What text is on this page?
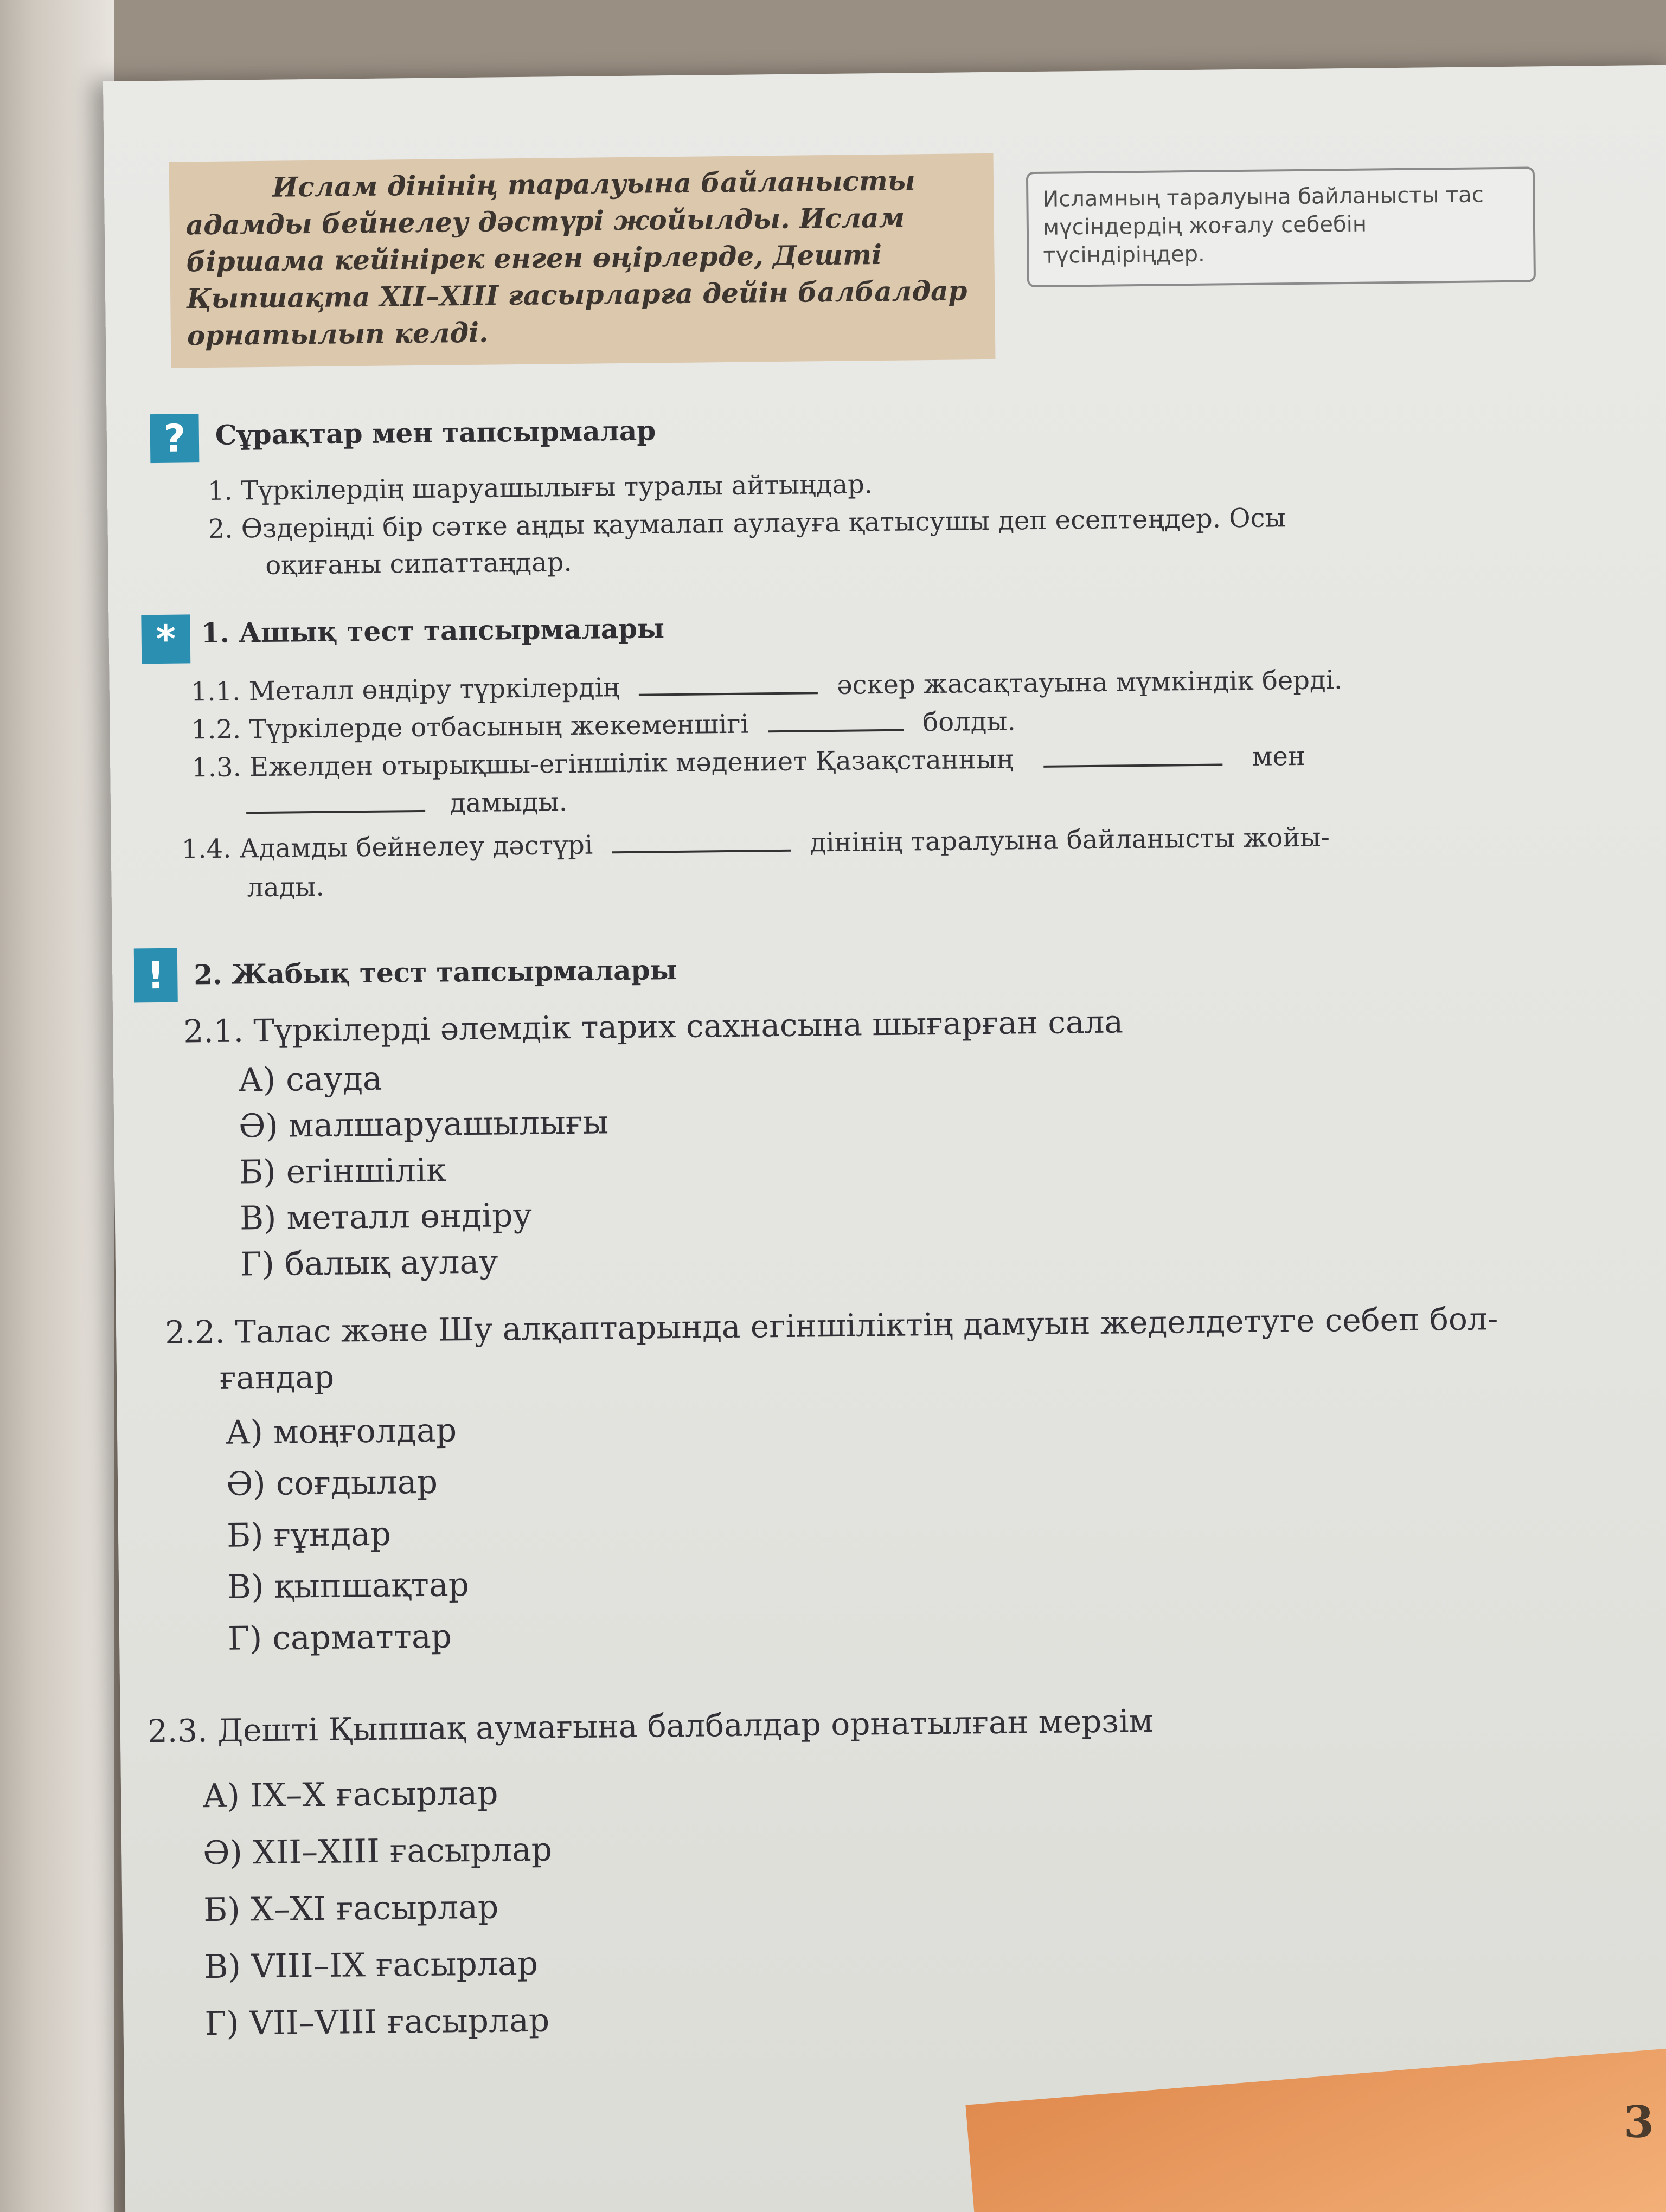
Ислам дінінің таралуына байланысты адамды бейнелеу дәстүрі жойылды. Ислам біршама кейінірек енген өңірлерде, Дешті Қыпшақта XII–XIII ғасырларға дейін балбалдар орнатылып келді.
Исламның таралуына байланысты тас мүсіндердің жоғалу себебін түсіндіріңдер.
?	Сұрақтар мен тапсырмалар
1. Түркілердің шаруашылығы туралы айтыңдар.
2. Өздеріңді бір сәтке аңды қаумалап аулауға қатысушы деп есептеңдер. Осы
оқиғаны сипаттаңдар.
* 1. Ашық тест тапсырмалары
1.1. Металл өндіру түркілердің	әскер жасақтауына мүмкіндік берді.
1.2. Түркілерде отбасының жекеменшігі	болды.
1.3. Ежелден отырықшы-егіншілік мәдениет Қазақстанның	мен
дамыды.
1.4. Адамды бейнелеу дәстүрі	дінінің таралуына байланысты жойы-
лады.
!	2. Жабық тест тапсырмалары
2.1. Түркілерді әлемдік тарих сахнасына шығарған сала
А) сауда
Ә) малшаруашылығы
Б) егіншілік
В) металл өндіру
Г) балық аулау
2.2. Талас және Шу алқаптарында егіншіліктің дамуын жеделдетуге себеп бол-
ғандар
А) моңғолдар
Ә) соғдылар
Б) ғұндар
В) қыпшақтар
Г) сарматтар
2.3. Дешті Қыпшақ аумағына балбалдар орнатылған мерзім
А) IX–X ғасырлар
Ә) XII–XIII ғасырлар
Б) X–XI ғасырлар
В) VIII–IX ғасырлар
Г) VII–VIII ғасырлар
3
